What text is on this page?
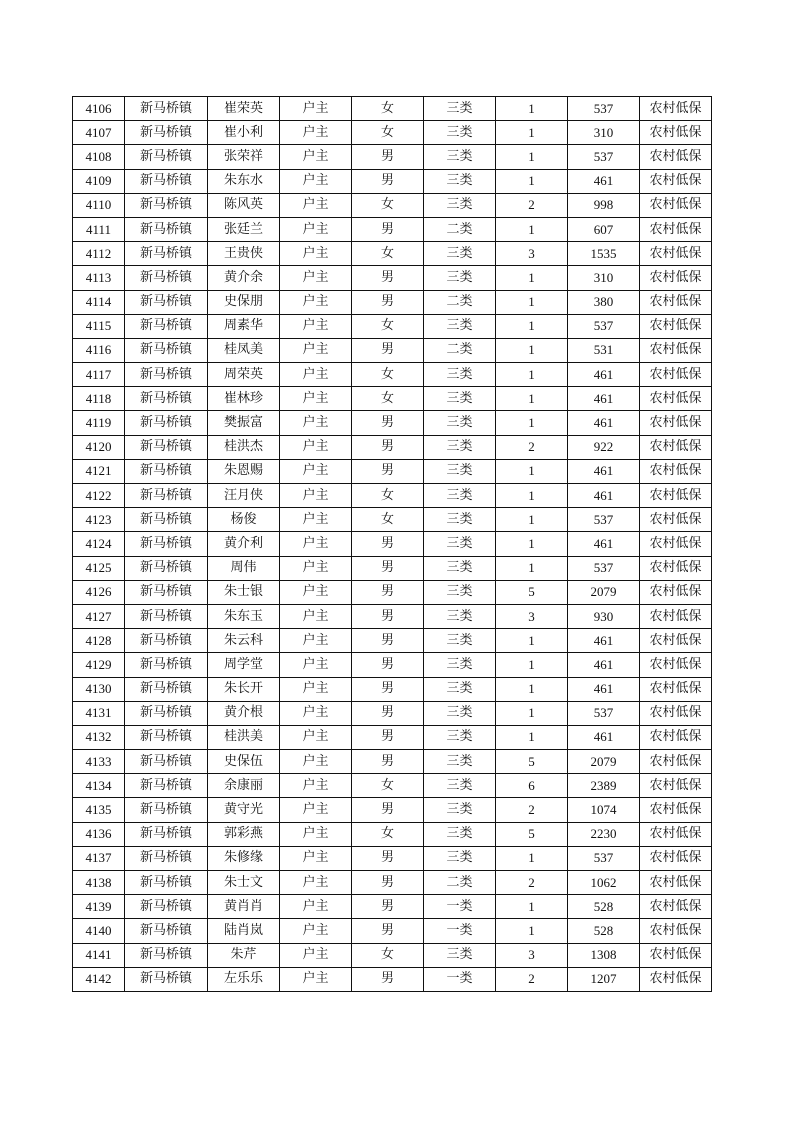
4106	新马桥镇	崔荣英	户主	女	三类	1	537	农村低保
4107	新马桥镇	崔小利	户主	女	三类	1	310	农村低保
4108	新马桥镇	张荣祥	户主	男	三类	1	537	农村低保
4109	新马桥镇	朱东水	户主	男	三类	1	461	农村低保
4110	新马桥镇	陈风英	户主	女	三类	2	998	农村低保
4111	新马桥镇	张廷兰	户主	男	二类	1	607	农村低保
4112	新马桥镇	王贵侠	户主	女	三类	3	1535	农村低保
4113	新马桥镇	黄介余	户主	男	三类	1	310	农村低保
4114	新马桥镇	史保朋	户主	男	二类	1	380	农村低保
4115	新马桥镇	周素华	户主	女	三类	1	537	农村低保
4116	新马桥镇	桂凤美	户主	男	二类	1	531	农村低保
4117	新马桥镇	周荣英	户主	女	三类	1	461	农村低保
4118	新马桥镇	崔林珍	户主	女	三类	1	461	农村低保
4119	新马桥镇	樊振富	户主	男	三类	1	461	农村低保
4120	新马桥镇	桂洪杰	户主	男	三类	2	922	农村低保
4121	新马桥镇	朱恩赐	户主	男	三类	1	461	农村低保
4122	新马桥镇	汪月侠	户主	女	三类	1	461	农村低保
4123	新马桥镇	杨俊	户主	女	三类	1	537	农村低保
4124	新马桥镇	黄介利	户主	男	三类	1	461	农村低保
4125	新马桥镇	周伟	户主	男	三类	1	537	农村低保
4126	新马桥镇	朱士银	户主	男	三类	5	2079	农村低保
4127	新马桥镇	朱东玉	户主	男	三类	3	930	农村低保
4128	新马桥镇	朱云科	户主	男	三类	1	461	农村低保
4129	新马桥镇	周学堂	户主	男	三类	1	461	农村低保
4130	新马桥镇	朱长开	户主	男	三类	1	461	农村低保
4131	新马桥镇	黄介根	户主	男	三类	1	537	农村低保
4132	新马桥镇	桂洪美	户主	男	三类	1	461	农村低保
4133	新马桥镇	史保伍	户主	男	三类	5	2079	农村低保
4134	新马桥镇	余康丽	户主	女	三类	6	2389	农村低保
4135	新马桥镇	黄守光	户主	男	三类	2	1074	农村低保
4136	新马桥镇	郭彩燕	户主	女	三类	5	2230	农村低保
4137	新马桥镇	朱修缘	户主	男	三类	1	537	农村低保
4138	新马桥镇	朱士文	户主	男	二类	2	1062	农村低保
4139	新马桥镇	黄肖肖	户主	男	一类	1	528	农村低保
4140	新马桥镇	陆肖岚	户主	男	一类	1	528	农村低保
4141	新马桥镇	朱芹	户主	女	三类	3	1308	农村低保
4142	新马桥镇	左乐乐	户主	男	一类	2	1207	农村低保
